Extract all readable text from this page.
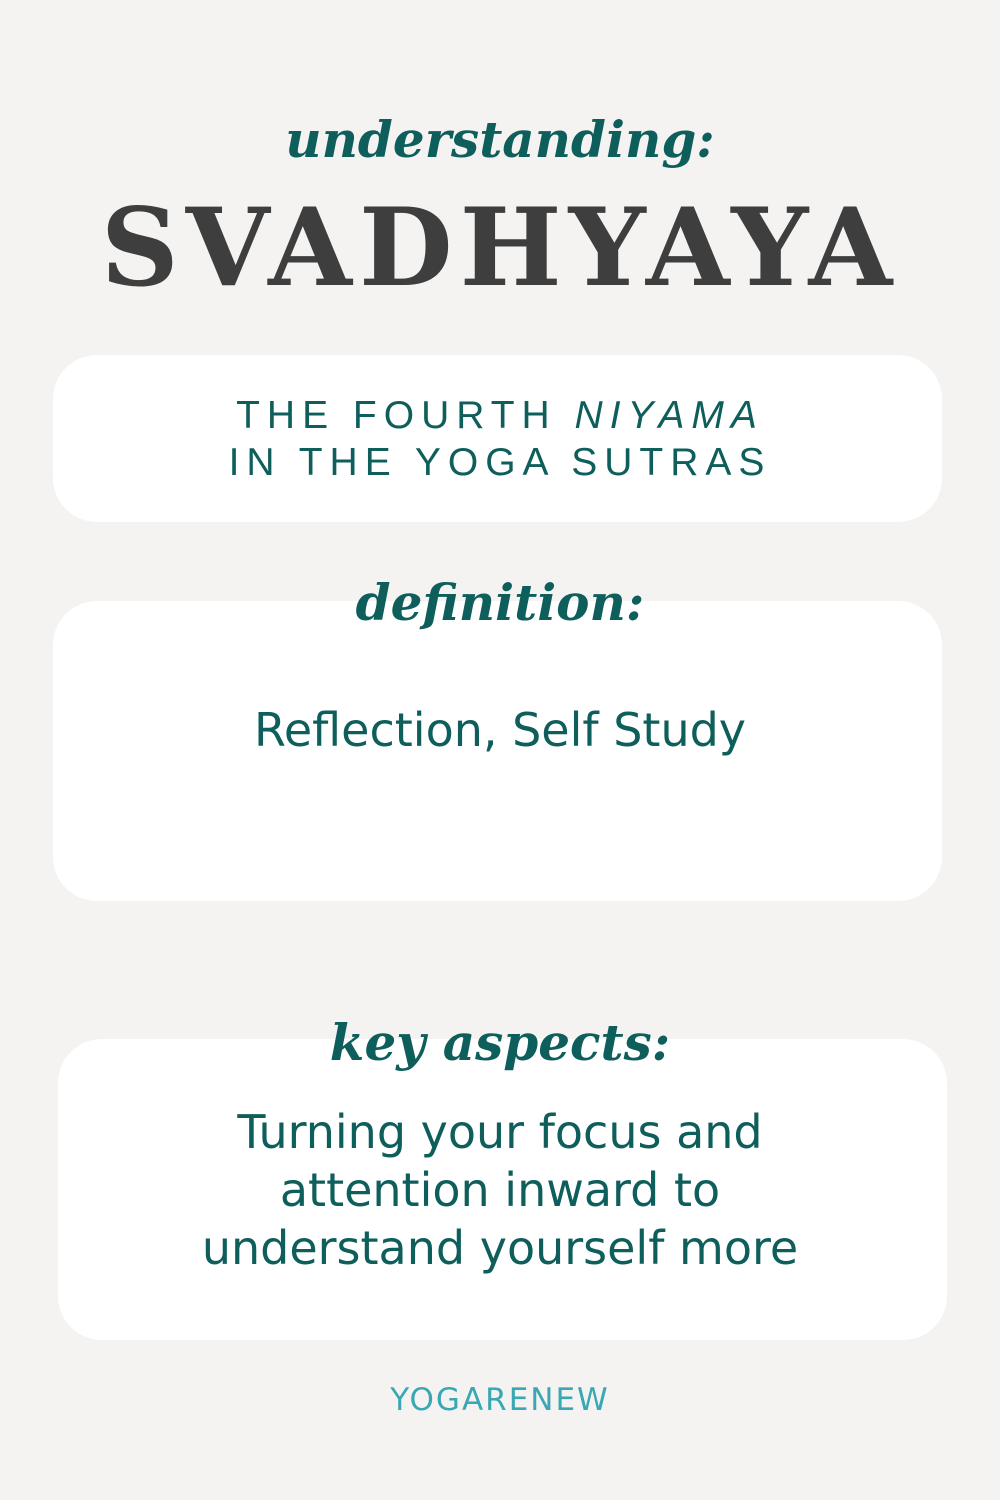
understanding:

SVADHYAYA

THE FOURTH NIYAMA
IN THE YOGA SUTRAS

definition:

Reflection, Self Study

key aspects:

Turning your focus and
attention inward to
understand yourself more

YOGARENEW
